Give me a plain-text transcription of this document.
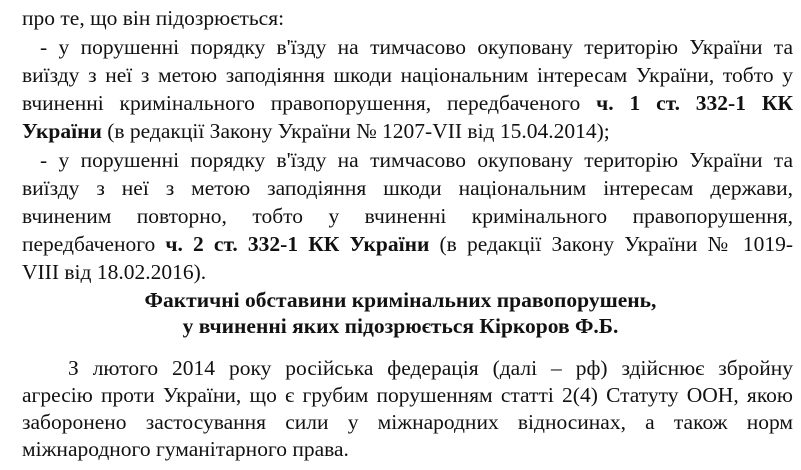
про те, що він підозрюється:
- у порушенні порядку в'їзду на тимчасово окуповану територію України та
виїзду з неї з метою заподіяння шкоди національним інтересам України, тобто у
вчиненні кримінального правопорушення, передбаченого ч. 1 ст. 332-1 КК
України (в редакції Закону України № 1207-VII від 15.04.2014);
- у порушенні порядку в'їзду на тимчасово окуповану територію України та
виїзду з неї з метою заподіяння шкоди національним інтересам держави,
вчиненим повторно, тобто у вчиненні кримінального правопорушення,
передбаченого ч. 2 ст. 332-1 КК України (в редакції Закону України № 1019-
VIII від 18.02.2016).
Фактичні обставини кримінальних правопорушень,
у вчиненні яких підозрюється Кіркоров Ф.Б.
З лютого 2014 року російська федерація (далі – рф) здійснює збройну
агресію проти України, що є грубим порушенням статті 2(4) Статуту ООН, якою
заборонено застосування сили у міжнародних відносинах, а також норм
міжнародного гуманітарного права.
